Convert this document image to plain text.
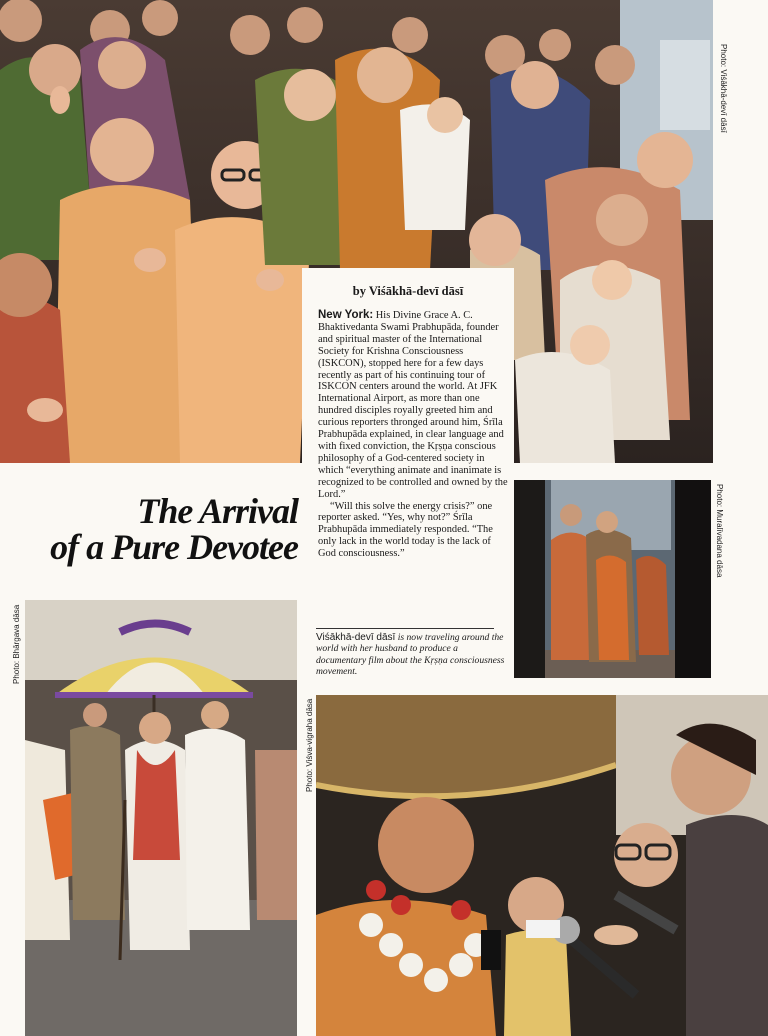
Photo: Viśākhā-devī dāsī
Photo: Muralīvadana dāsa
The Arrival
of a Pure Devotee
by Viśākhā-devī dāsī

New York: His Divine Grace A. C. Bhaktivedanta Swami Prabhupāda, founder and spiritual master of the International Society for Krishna Consciousness (ISKCON), stopped here for a few days recently as part of his continuing tour of ISKCON centers around the world. At JFK International Airport, as more than one hundred disciples royally greeted him and curious reporters thronged around him, Śrīla Prabhupāda explained, in clear language and with fixed conviction, the Kṛṣṇa conscious philosophy of a God-centered society in which “everything animate and inanimate is recognized to be controlled and owned by the Lord.”

“Will this solve the energy crisis?” one reporter asked. “Yes, why not?” Śrīla Prabhupāda immediately responded. “The only lack in the world today is the lack of God consciousness.”

Viśākhā-devī dāsī is now traveling around the world with her husband to produce a documentary film about the Kṛṣṇa consciousness movement.
Photo: Bhārgava dāsa
Photo: Viśva-vigraha dāsa
